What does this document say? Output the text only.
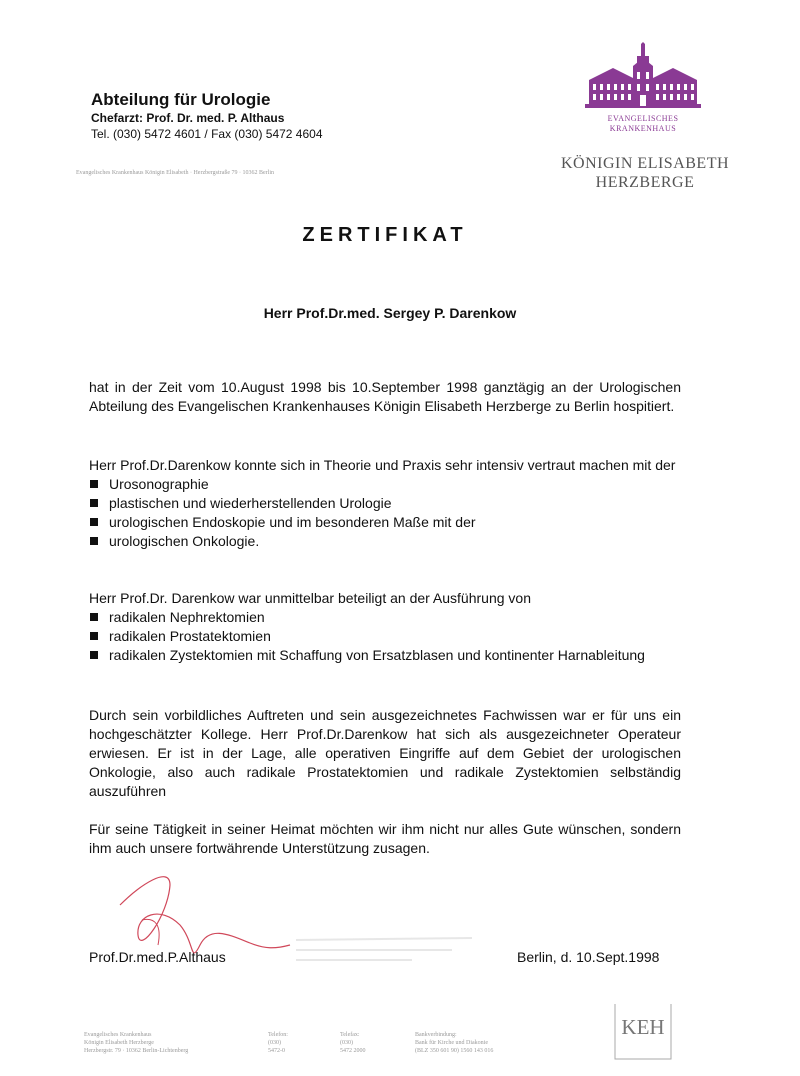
Abteilung für Urologie
Chefarzt: Prof. Dr. med. P. Althaus
Tel. (030) 5472 4601 / Fax (030) 5472 4604
Evangelisches Krankenhaus Königin Elisabeth · Herzbergstraße 79 · 10362 Berlin
EVANGELISCHES
KRANKENHAUS
KÖNIGIN ELISABETH
HERZBERGE
ZERTIFIKAT
Herr Prof.Dr.med. Sergey P. Darenkow

hat in der Zeit vom 10.August 1998 bis 10.September 1998 ganztägig an der Urologischen Abteilung des Evangelischen Krankenhauses Königin Elisabeth Herzberge zu Berlin hospitiert.

Herr Prof.Dr.Darenkow konnte sich in Theorie und Praxis sehr intensiv vertraut machen mit der

Urosonographie
plastischen und wiederherstellenden Urologie
urologischen Endoskopie und im besonderen Maße mit der
urologischen Onkologie.

Herr Prof.Dr. Darenkow war unmittelbar beteiligt an der Ausführung von

radikalen Nephrektomien
radikalen Prostatektomien
radikalen Zystektomien mit Schaffung von Ersatzblasen und kontinenter Harnableitung

Durch sein vorbildliches Auftreten und sein ausgezeichnetes Fachwissen war er für uns ein hochgeschätzter Kollege. Herr Prof.Dr.Darenkow hat sich als ausgezeichneter Operateur erwiesen. Er ist in der Lage, alle operativen Eingriffe auf dem Gebiet der urologischen Onkologie, also auch radikale Prostatektomien und radikale Zystektomien selbständig auszuführen

Für seine Tätigkeit in seiner Heimat möchten wir ihm nicht nur alles Gute wünschen, sondern ihm auch unsere fortwährende Unterstützung zusagen.

Prof.Dr.med.P.Althaus	Berlin, d. 10.Sept.1998
Evangelisches Krankenhaus
Königin Elisabeth Herzberge
Herzbergstr. 79 · 10362 Berlin-Lichtenberg
Telefon:
(030)
5472-0
Telefax:
(030)
5472 2000
Bankverbindung:
Bank für Kirche und Diakonie
(BLZ 350 601 90) 1560 143 016
KEH
